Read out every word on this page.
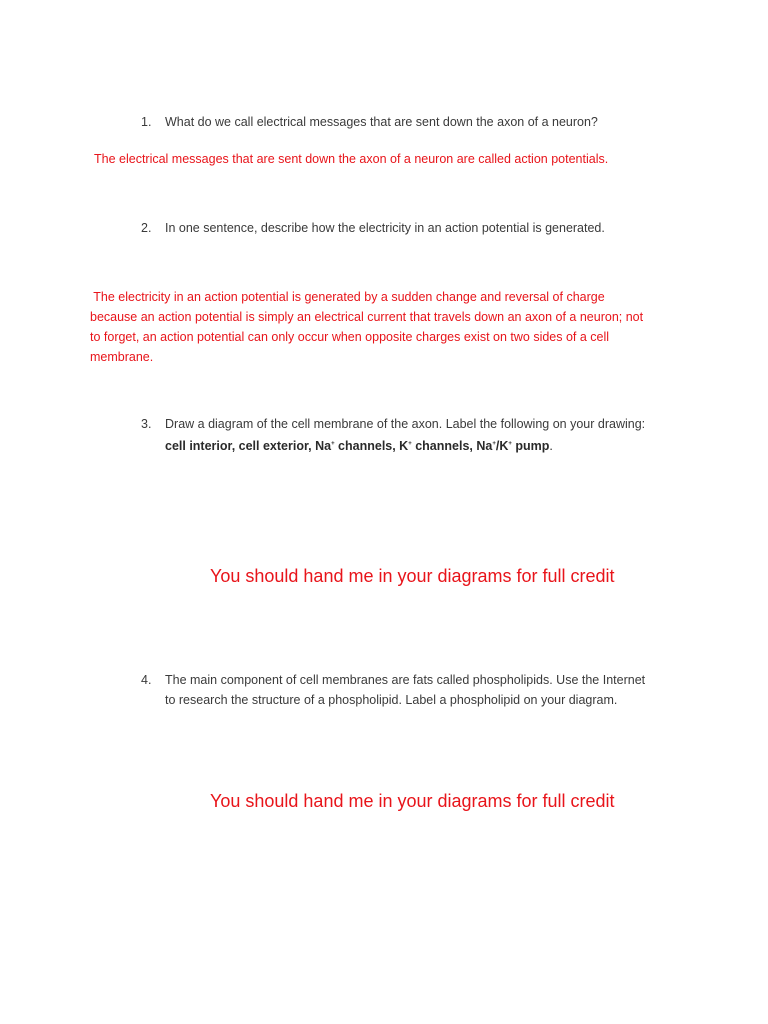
1. What do we call electrical messages that are sent down the axon of a neuron?
The electrical messages that are sent down the axon of a neuron are called action potentials.
2. In one sentence, describe how the electricity in an action potential is generated.
The electricity in an action potential is generated by a sudden change and reversal of charge
because an action potential is simply an electrical current that travels down an axon of a neuron; not
to forget, an action potential can only occur when opposite charges exist on two sides of a cell
membrane.
3. Draw a diagram of the cell membrane of the axon. Label the following on your drawing:
cell interior, cell exterior, Na+ channels, K+ channels, Na+/K+ pump.
You should hand me in your diagrams for full credit
4. The main component of cell membranes are fats called phospholipids. Use the Internet
to research the structure of a phospholipid. Label a phospholipid on your diagram.
You should hand me in your diagrams for full credit
